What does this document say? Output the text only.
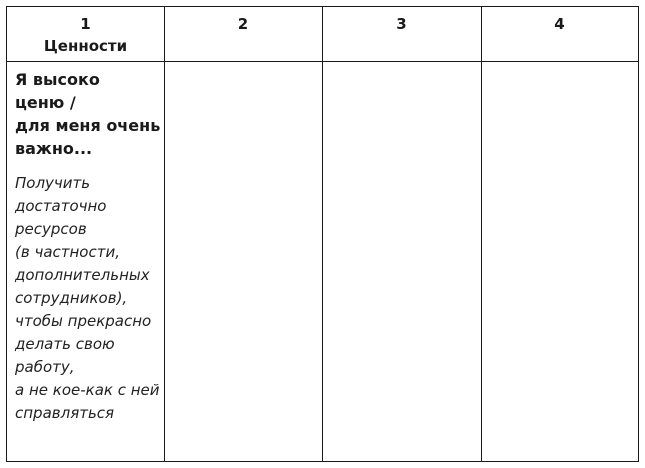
1
Ценности
2	3	4

Я высоко
ценю /
для меня очень
важно...

Получить
достаточно
ресурсов
(в частности,
дополнительных
сотрудников),
чтобы прекрасно
делать свою
работу,
а не кое-как с ней
справляться
